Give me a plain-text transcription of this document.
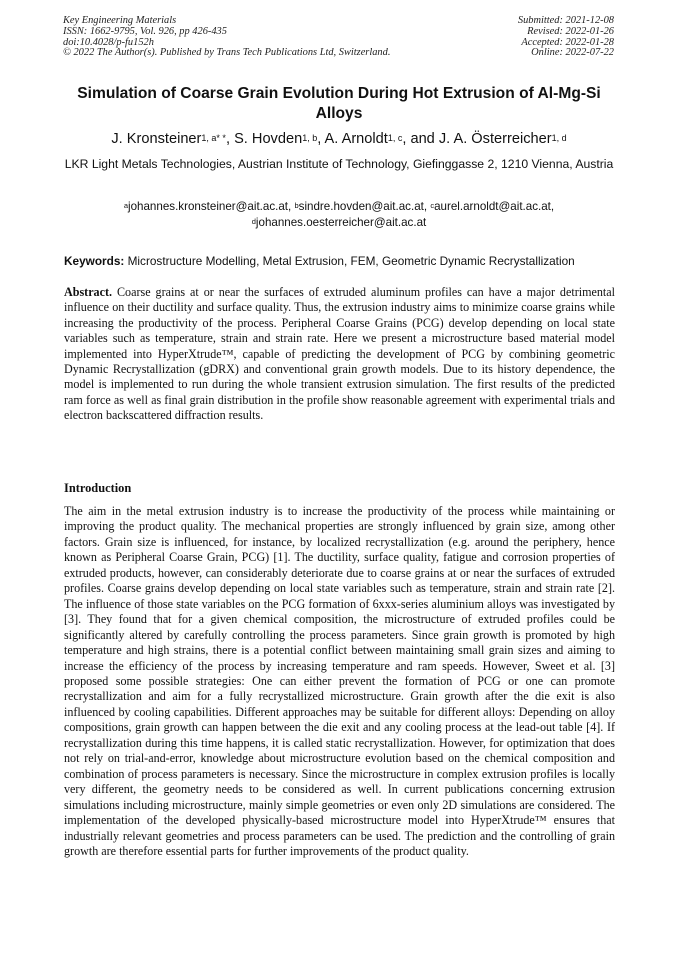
Key Engineering Materials
ISSN: 1662-9795, Vol. 926, pp 426-435
doi:10.4028/p-fu152h
© 2022 The Author(s). Published by Trans Tech Publications Ltd, Switzerland.
Submitted: 2021-12-08
Revised: 2022-01-26
Accepted: 2022-01-28
Online: 2022-07-22
Simulation of Coarse Grain Evolution During Hot Extrusion of Al-Mg-Si Alloys
J. Kronsteiner$^{1, a* *}$, S. Hovden$^{1, b}$, A. Arnoldt$^{1, c}$, and J. A. Österreicher$^{1, d}$
LKR Light Metals Technologies, Austrian Institute of Technology, Giefinggasse 2, 1210 Vienna, Austria
$^a$johannes.kronsteiner@ait.ac.at, $^b$sindre.hovden@ait.ac.at, $^c$aurel.arnoldt@ait.ac.at,
$^d$johannes.oesterreicher@ait.ac.at
Keywords: Microstructure Modelling, Metal Extrusion, FEM, Geometric Dynamic Recrystallization
Abstract. Coarse grains at or near the surfaces of extruded aluminum profiles can have a major detrimental influence on their ductility and surface quality. Thus, the extrusion industry aims to minimize coarse grains while increasing the productivity of the process. Peripheral Coarse Grains (PCG) develop depending on local state variables such as temperature, strain and strain rate. Here we present a microstructure based material model implemented into HyperXtrude™, capable of predicting the development of PCG by combining geometric Dynamic Recrystallization (gDRX) and conventional grain growth models. Due to its history dependence, the model is implemented to run during the whole transient extrusion simulation. The first results of the predicted ram force as well as final grain distribution in the profile show reasonable agreement with experimental trials and electron backscattered diffraction results.
Introduction
The aim in the metal extrusion industry is to increase the productivity of the process while maintaining or improving the product quality. The mechanical properties are strongly influenced by grain size, among other factors. Grain size is influenced, for instance, by localized recrystallization (e.g. around the periphery, hence known as Peripheral Coarse Grain, PCG) [1]. The ductility, surface quality, fatigue and corrosion properties of extruded products, however, can considerably deteriorate due to coarse grains at or near the surfaces of extruded profiles. Coarse grains develop depending on local state variables such as temperature, strain and strain rate [2]. The influence of those state variables on the PCG formation of 6xxx-series aluminium alloys was investigated by [3]. They found that for a given chemical composition, the microstructure of extruded profiles could be significantly altered by carefully controlling the process parameters. Since grain growth is promoted by high temperature and high strains, there is a potential conflict between maintaining small grain sizes and aiming to increase the efficiency of the process by increasing temperature and ram speeds. However, Sweet et al. [3] proposed some possible strategies: One can either prevent the formation of PCG or one can promote recrystallization and aim for a fully recrystallized microstructure. Grain growth after the die exit is also influenced by cooling capabilities. Different approaches may be suitable for different alloys: Depending on alloy compositions, grain growth can happen between the die exit and any cooling process at the lead-out table [4]. If recrystallization during this time happens, it is called static recrystallization. However, for optimization that does not rely on trial-and-error, knowledge about microstructure evolution based on the chemical composition and combination of process parameters is necessary. Since the microstructure in complex extrusion profiles is locally very different, the geometry needs to be considered as well. In current publications concerning extrusion simulations including microstructure, mainly simple geometries or even only 2D simulations are considered. The implementation of the developed physically-based microstructure model into HyperXtrude™ ensures that industrially relevant geometries and process parameters can be used. The prediction and the controlling of grain growth are therefore essential parts for further improvements of the product quality.
